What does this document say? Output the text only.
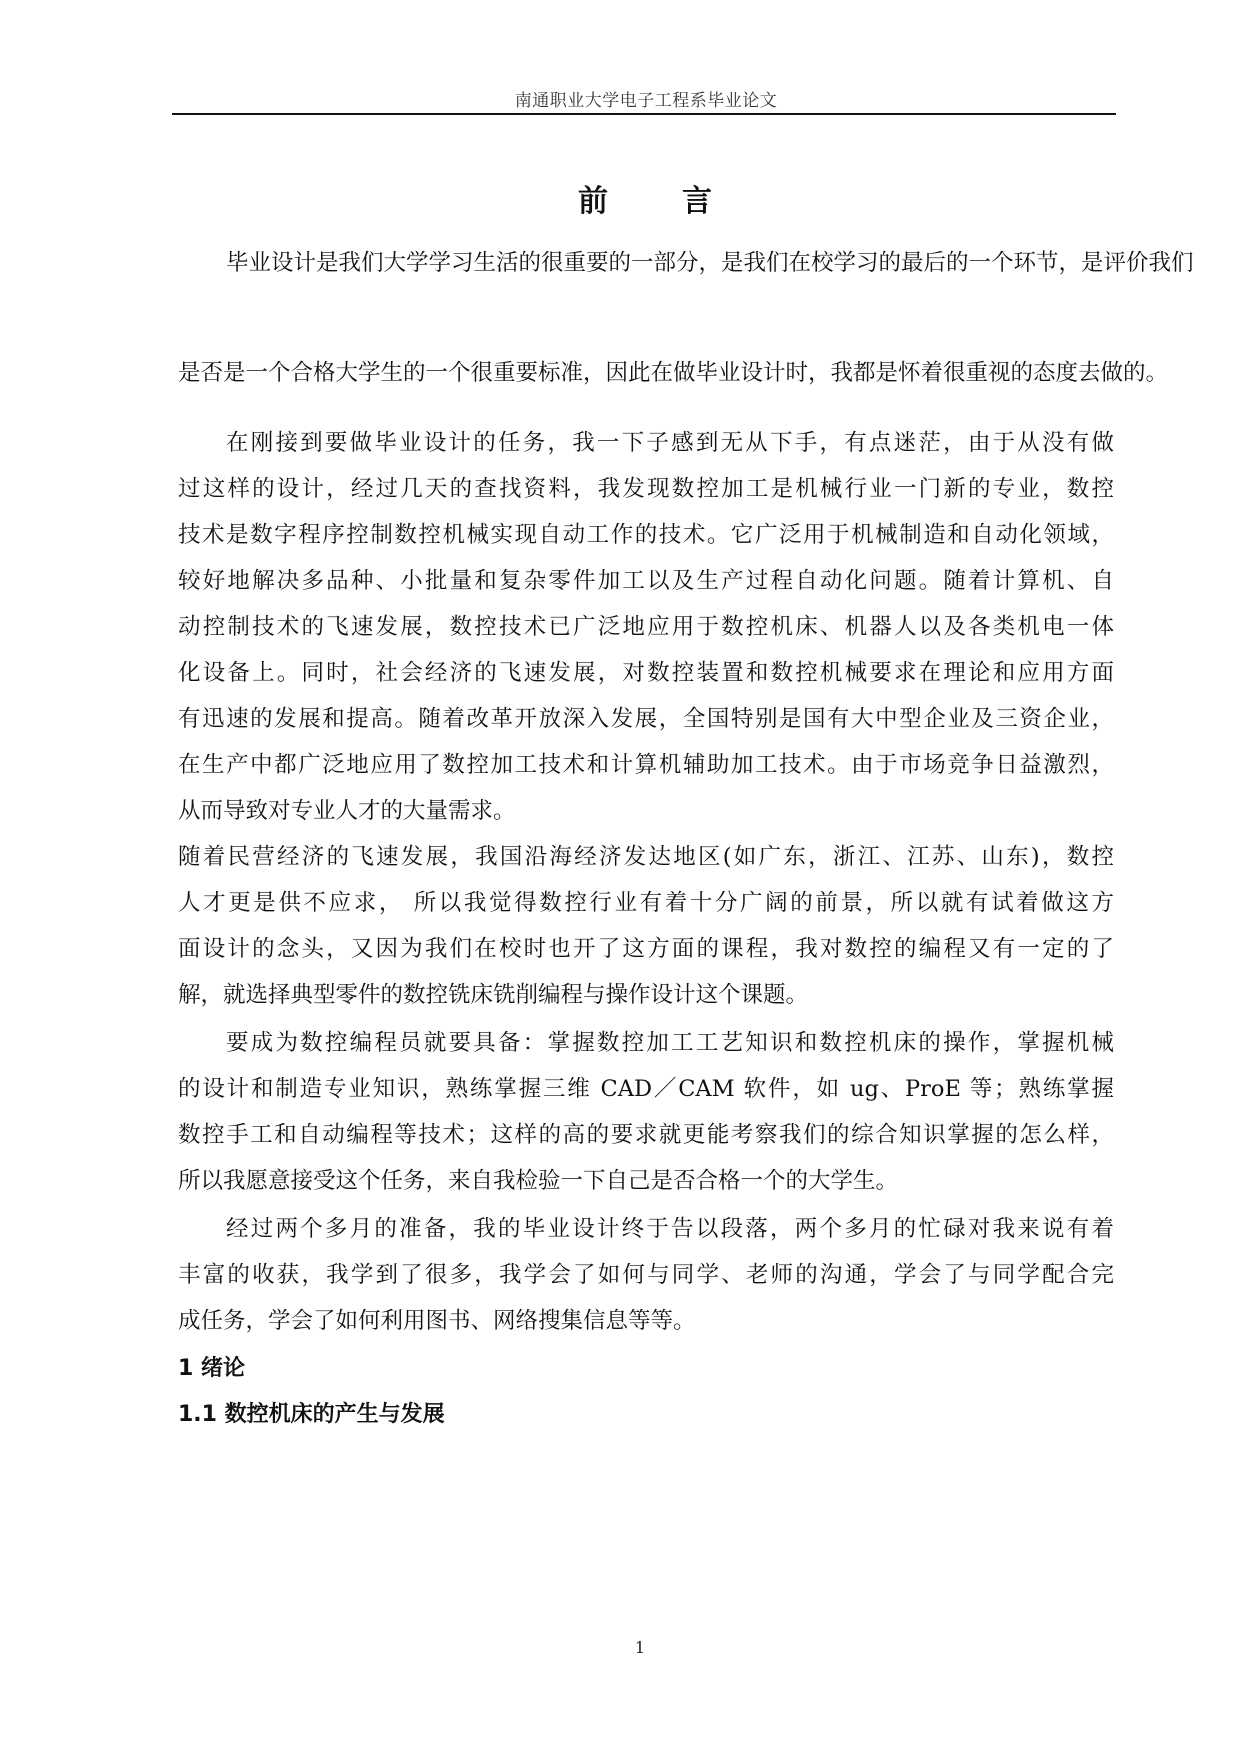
南通职业大学电子工程系毕业论文
前 言
毕业设计是我们大学学习生活的很重要的一部分，是我们在校学习的最后的一个环节，是评价我们
是否是一个合格大学生的一个很重要标准，因此在做毕业设计时，我都是怀着很重视的态度去做的。
在刚接到要做毕业设计的任务，我一下子感到无从下手，有点迷茫，由于从没有做
过这样的设计，经过几天的查找资料，我发现数控加工是机械行业一门新的专业，数控
技术是数字程序控制数控机械实现自动工作的技术。它广泛用于机械制造和自动化领域，
较好地解决多品种、小批量和复杂零件加工以及生产过程自动化问题。随着计算机、自
动控制技术的飞速发展，数控技术已广泛地应用于数控机床、机器人以及各类机电一体
化设备上。同时，社会经济的飞速发展，对数控装置和数控机械要求在理论和应用方面
有迅速的发展和提高。随着改革开放深入发展，全国特别是国有大中型企业及三资企业，
在生产中都广泛地应用了数控加工技术和计算机辅助加工技术。由于市场竞争日益激烈，
从而导致对专业人才的大量需求。
随着民营经济的飞速发展，我国沿海经济发达地区(如广东，浙江、江苏、山东)，数控
人才更是供不应求， 所以我觉得数控行业有着十分广阔的前景，所以就有试着做这方
面设计的念头，又因为我们在校时也开了这方面的课程，我对数控的编程又有一定的了
解，就选择典型零件的数控铣床铣削编程与操作设计这个课题。
要成为数控编程员就要具备：掌握数控加工工艺知识和数控机床的操作，掌握机械
的设计和制造专业知识，熟练掌握三维 CAD／CAM 软件，如 ug、ProE 等；熟练掌握
数控手工和自动编程等技术；这样的高的要求就更能考察我们的综合知识掌握的怎么样，
所以我愿意接受这个任务，来自我检验一下自己是否合格一个的大学生。
经过两个多月的准备，我的毕业设计终于告以段落，两个多月的忙碌对我来说有着
丰富的收获，我学到了很多，我学会了如何与同学、老师的沟通，学会了与同学配合完
成任务，学会了如何利用图书、网络搜集信息等等。
1 绪论
1.1 数控机床的产生与发展
1
